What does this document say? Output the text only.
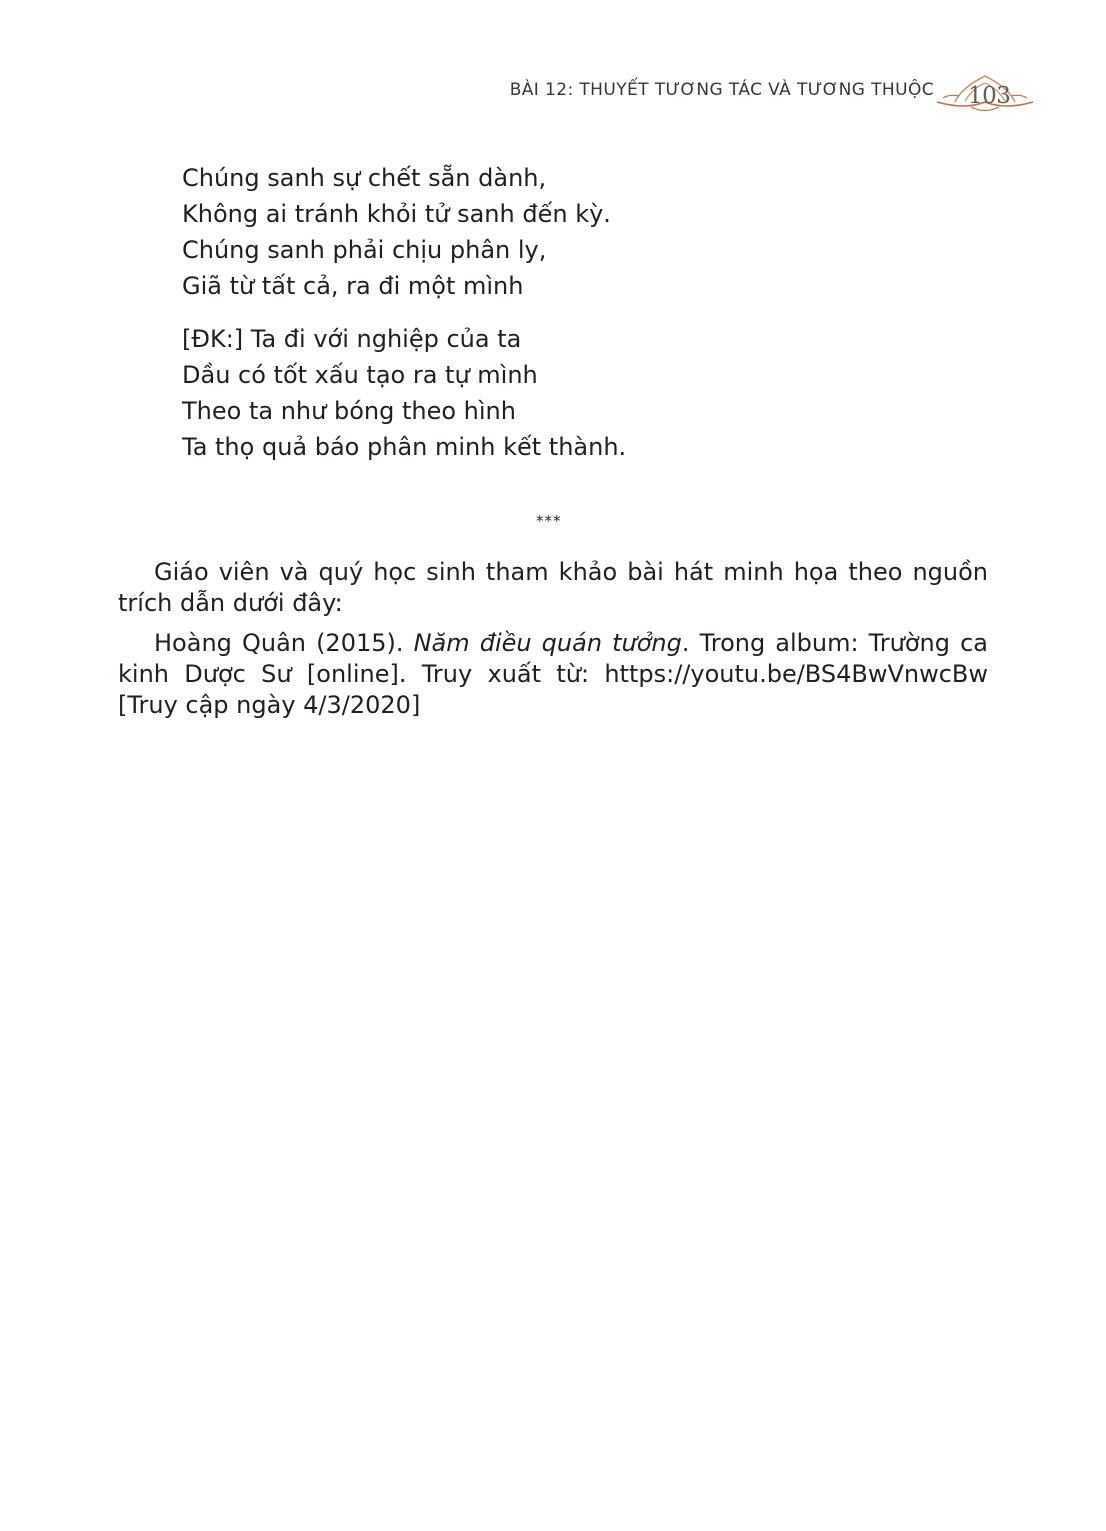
BÀI 12: THUYẾT TƯƠNG TÁC VÀ TƯƠNG THUỘC 103
Chúng sanh sự chết sẵn dành,
Không ai tránh khỏi tử sanh đến kỳ.
Chúng sanh phải chịu phân ly,
Giã từ tất cả, ra đi một mình
[ĐK:] Ta đi với nghiệp của ta
Dầu có tốt xấu tạo ra tự mình
Theo ta như bóng theo hình
Ta thọ quả báo phân minh kết thành.
***

Giáo viên và quý học sinh tham khảo bài hát minh họa theo nguồn trích dẫn dưới đây:

Hoàng Quân (2015). Năm điều quán tưởng. Trong album: Trường ca kinh Dược Sư [online]. Truy xuất từ: https://youtu.be/BS4BwVnwcBw [Truy cập ngày 4/3/2020]
